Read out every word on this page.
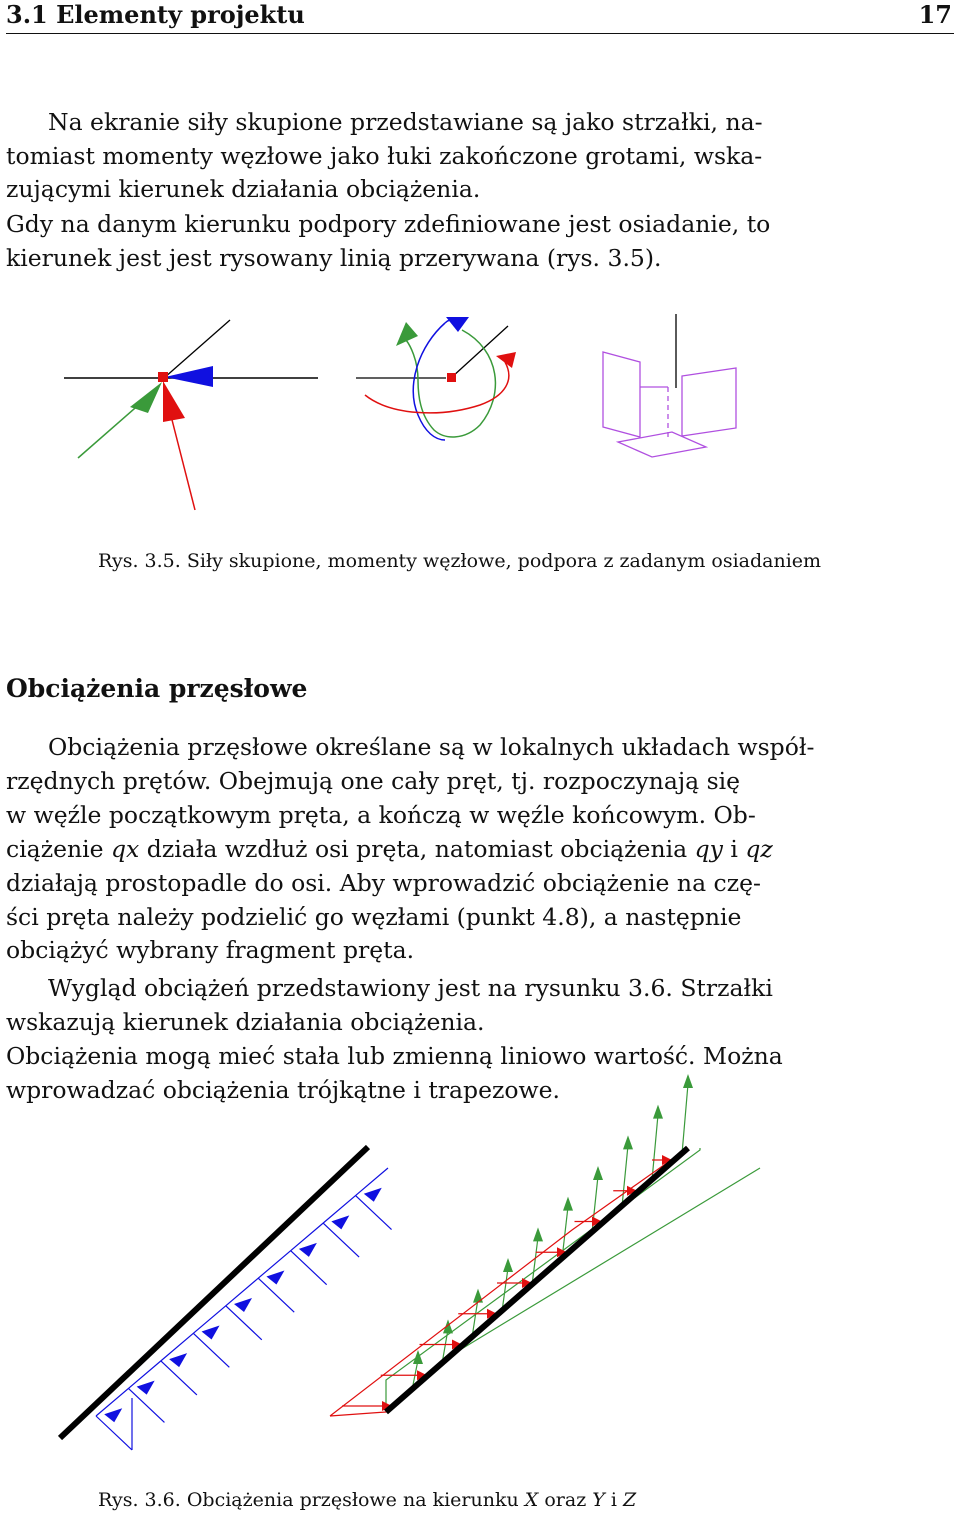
3.1 Elementy projektu	17
Na ekranie siły skupione przedstawiane są jako strzałki, na-
tomiast momenty węzłowe jako łuki zakończone grotami, wska-
zującymi kierunek działania obciążenia.
Gdy na danym kierunku podpory zdefiniowane jest osiadanie, to
kierunek jest jest rysowany linią przerywana (rys. 3.5).
Rys. 3.5. Siły skupione, momenty węzłowe, podpora z zadanym osiadaniem
Obciążenia przęsłowe
Obciążenia przęsłowe określane są w lokalnych układach współ-
rzędnych prętów. Obejmują one cały pręt, tj. rozpoczynają się
w węźle początkowym pręta, a kończą w węźle końcowym. Ob-
ciążenie qx działa wzdłuż osi pręta, natomiast obciążenia qy i qz
działają prostopadle do osi. Aby wprowadzić obciążenie na czę-
ści pręta należy podzielić go węzłami (punkt 4.8), a następnie
obciążyć wybrany fragment pręta.
Wygląd obciążeń przedstawiony jest na rysunku 3.6. Strzałki
wskazują kierunek działania obciążenia.
Obciążenia mogą mieć stała lub zmienną liniowo wartość. Można
wprowadzać obciążenia trójkątne i trapezowe.
Rys. 3.6. Obciążenia przęsłowe na kierunku X oraz Y i Z
